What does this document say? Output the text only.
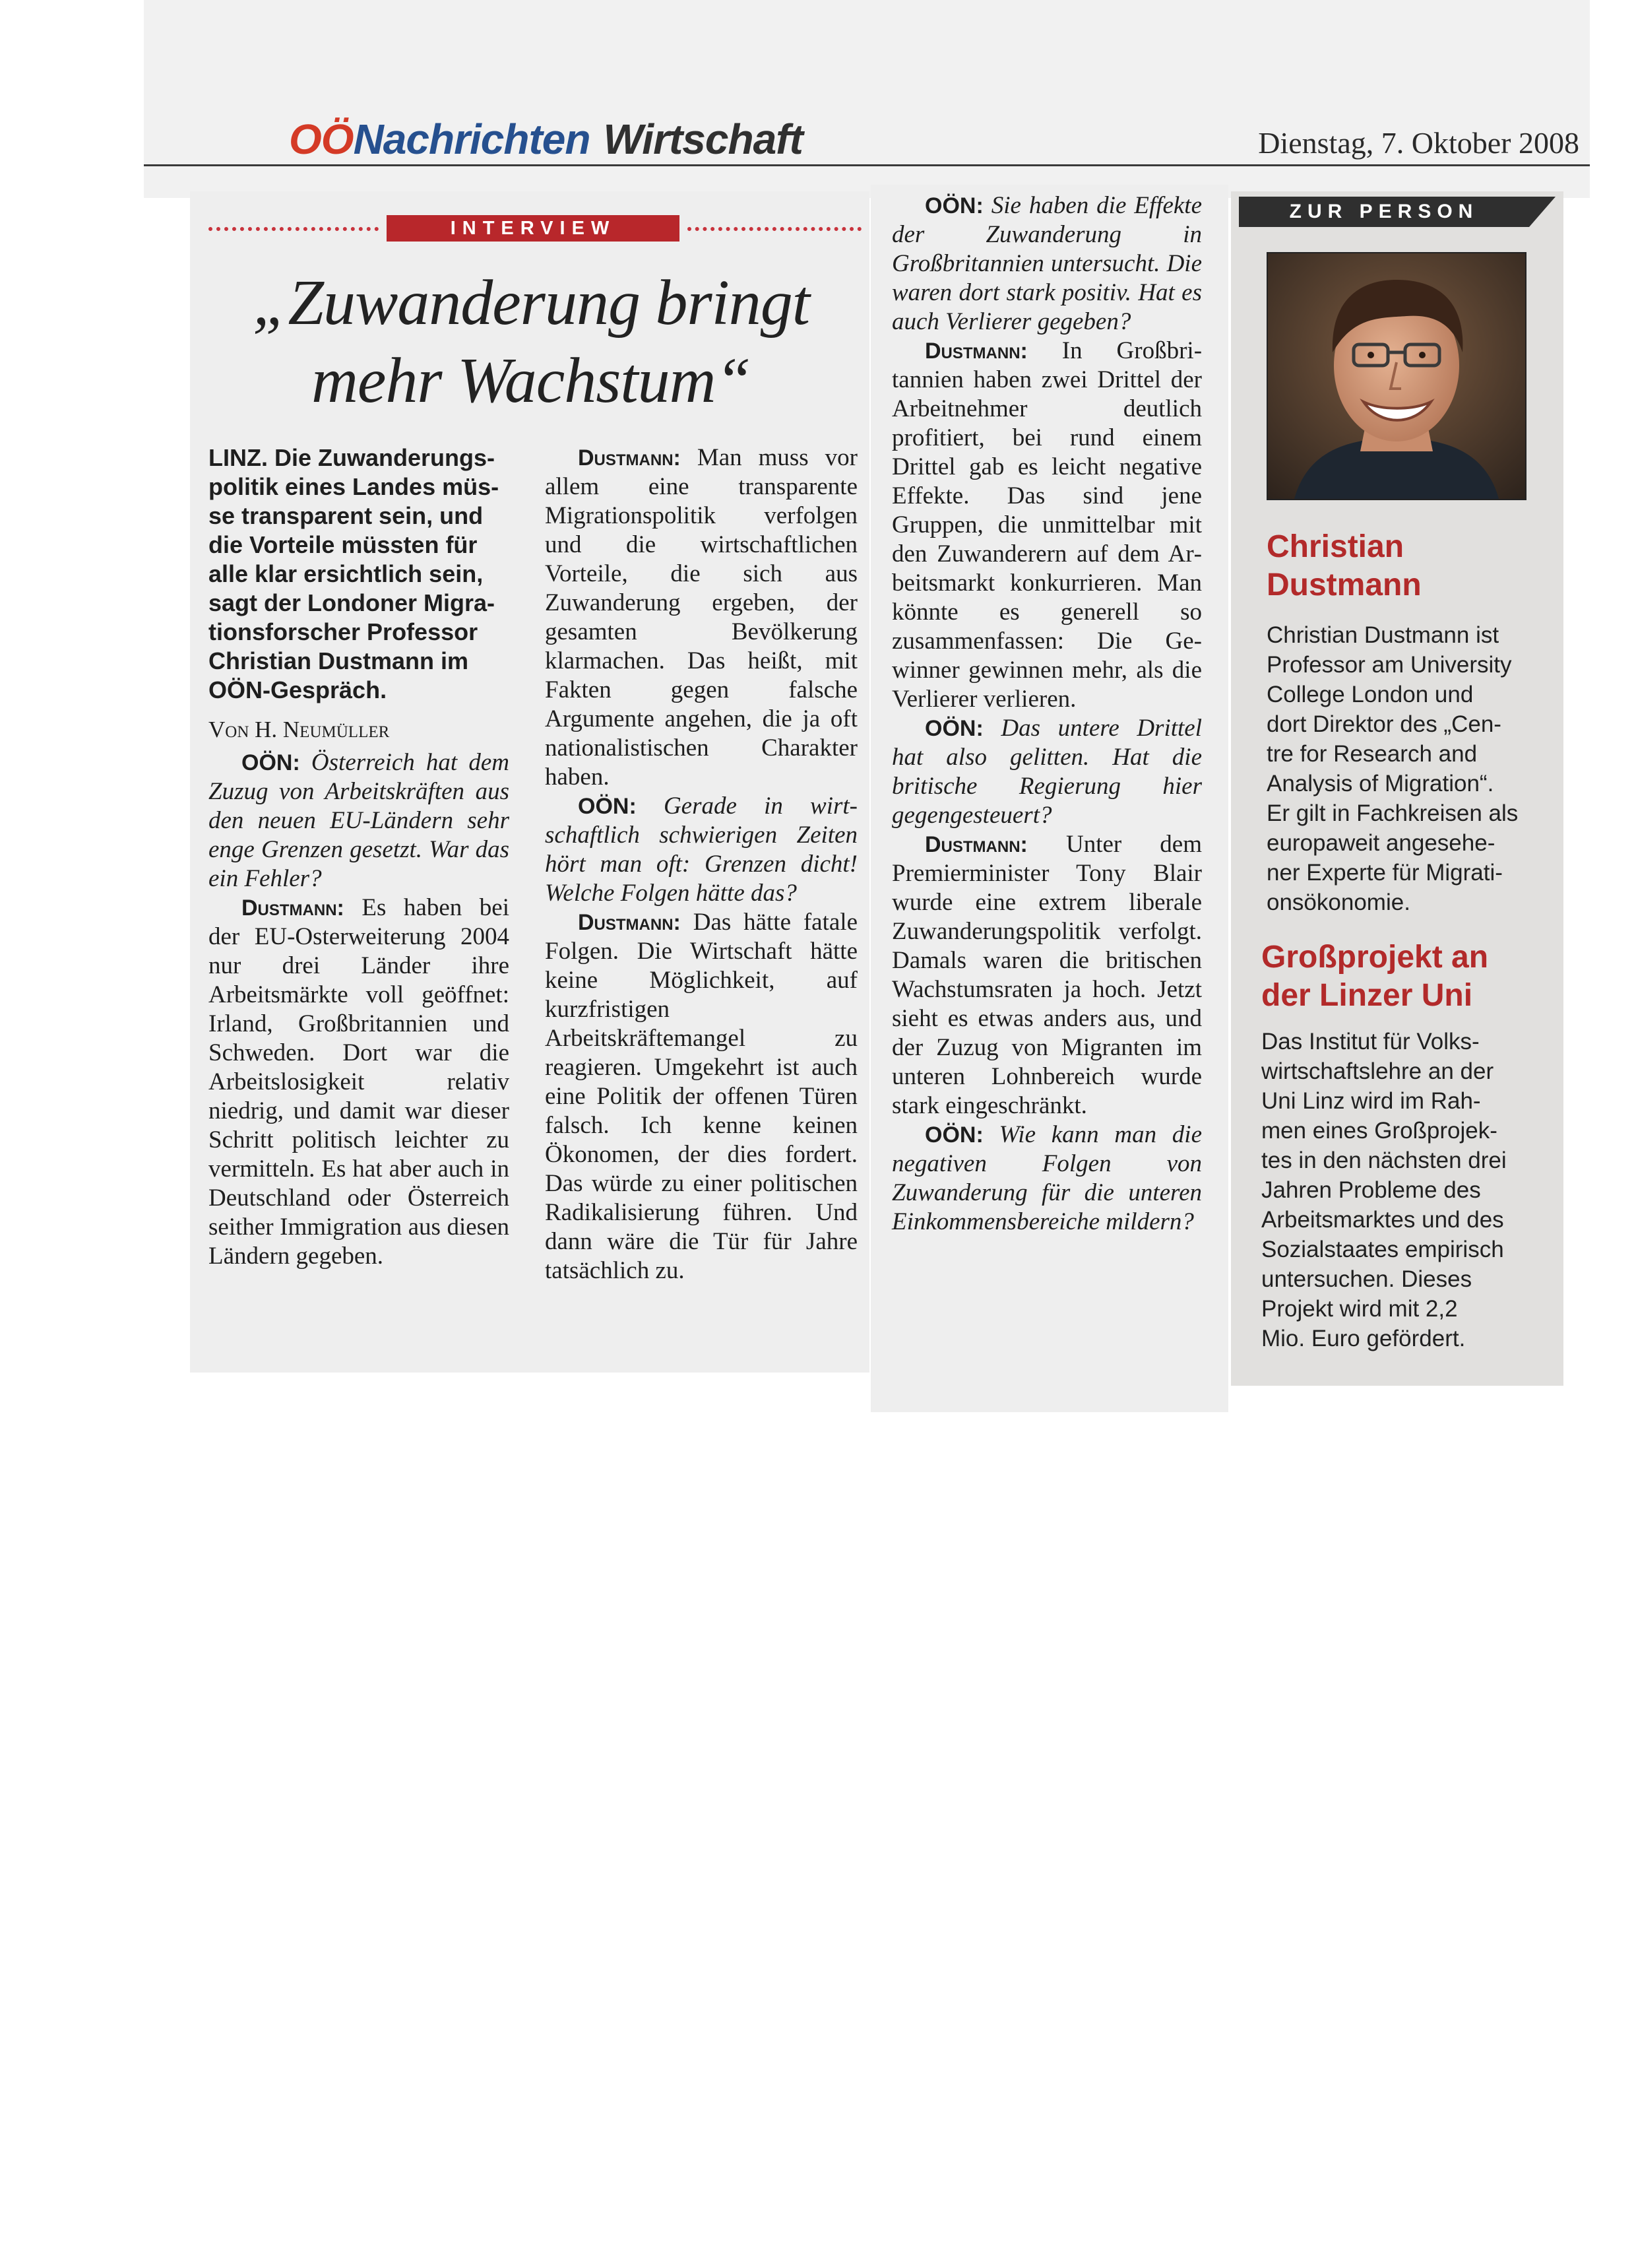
OÖNachrichten Wirtschaft	Dienstag, 7. Oktober 2008
INTERVIEW
„Zuwanderung bringt
mehr Wachstum“

LINZ. Die Zuwanderungs-
politik eines Landes müs-
se transparent sein, und
die Vorteile müssten für
alle klar ersichtlich sein,
sagt der Londoner Migra-
tionsforscher Professor
Christian Dustmann im
OÖN-Gespräch.

Von H. Neumüller

OÖN: Österreich hat dem Zuzug von Arbeitskräften aus den neuen EU-Ländern sehr enge Grenzen gesetzt. War das ein Fehler?

Dustmann: Es haben bei der EU-Osterweiterung 2004 nur drei Länder ihre Arbeitsmärkte voll geöffnet: Irland, Großbritannien und Schweden. Dort war die Arbeitslosigkeit relativ niedrig, und damit war dieser Schritt politisch leichter zu vermitteln. Es hat aber auch in Deutschland oder Österreich seither Immigration aus diesen Ländern gegeben.

Dustmann: Man muss vor allem eine transparente Migrationspolitik verfolgen und die wirtschaftlichen Vorteile, die sich aus Zuwanderung ergeben, der gesamten Bevölkerung klarmachen. Das heißt, mit Fakten gegen falsche Argumente angehen, die ja oft nationalistischen Charakter haben.

OÖN: Gerade in wirtschaftlich schwierigen Zeiten hört man oft: Grenzen dicht! Welche Folgen hätte das?

Dustmann: Das hätte fatale Folgen. Die Wirtschaft hätte keine Möglichkeit, auf kurzfristigen Arbeitskräftemangel zu reagieren. Umgekehrt ist auch eine Politik der offenen Türen falsch. Ich kenne keinen Ökonomen, der dies fordert. Das würde zu einer politischen Radikalisierung führen. Und dann wäre die Tür für Jahre tatsächlich zu.

OÖN: Sie haben die Effekte der Zuwanderung in Großbritannien untersucht. Die waren dort stark positiv. Hat es auch Verlierer gegeben?

Dustmann: In Großbritannien haben zwei Drittel der Arbeitnehmer deutlich profitiert, bei rund einem Drittel gab es leicht negative Effekte. Das sind jene Gruppen, die unmittelbar mit den Zuwanderern auf dem Arbeitsmarkt konkurrieren. Man könnte es generell so zusammenfassen: Die Gewinner gewinnen mehr, als die Verlierer verlieren.

OÖN: Das untere Drittel hat also gelitten. Hat die britische Regierung hier gegengesteuert?

Dustmann: Unter dem Premierminister Tony Blair wurde eine extrem liberale Zuwanderungspolitik verfolgt. Damals waren die britischen Wachstumsraten ja hoch. Jetzt sieht es etwas anders aus, und der Zuzug von Migranten im unteren Lohnbereich wurde stark eingeschränkt.

OÖN: Wie kann man die negativen Folgen von Zuwanderung für die unteren Einkommensbereiche mildern?

ZUR PERSON
Christian
Dustmann

Christian Dustmann ist

Professor am University

College London und

dort Direktor des „Cen-

tre for Research and

Analysis of Migration“.

Er gilt in Fachkreisen als

europaweit angesehe-

ner Experte für Migrati-

onsökonomie.

Großprojekt an
der Linzer Uni

Das Institut für Volks-

wirtschaftslehre an der

Uni Linz wird im Rah-

men eines Großprojek-

tes in den nächsten drei

Jahren Probleme des

Arbeitsmarktes und des

Sozialstaates empirisch

untersuchen. Dieses

Projekt wird mit 2,2

Mio. Euro gefördert.
